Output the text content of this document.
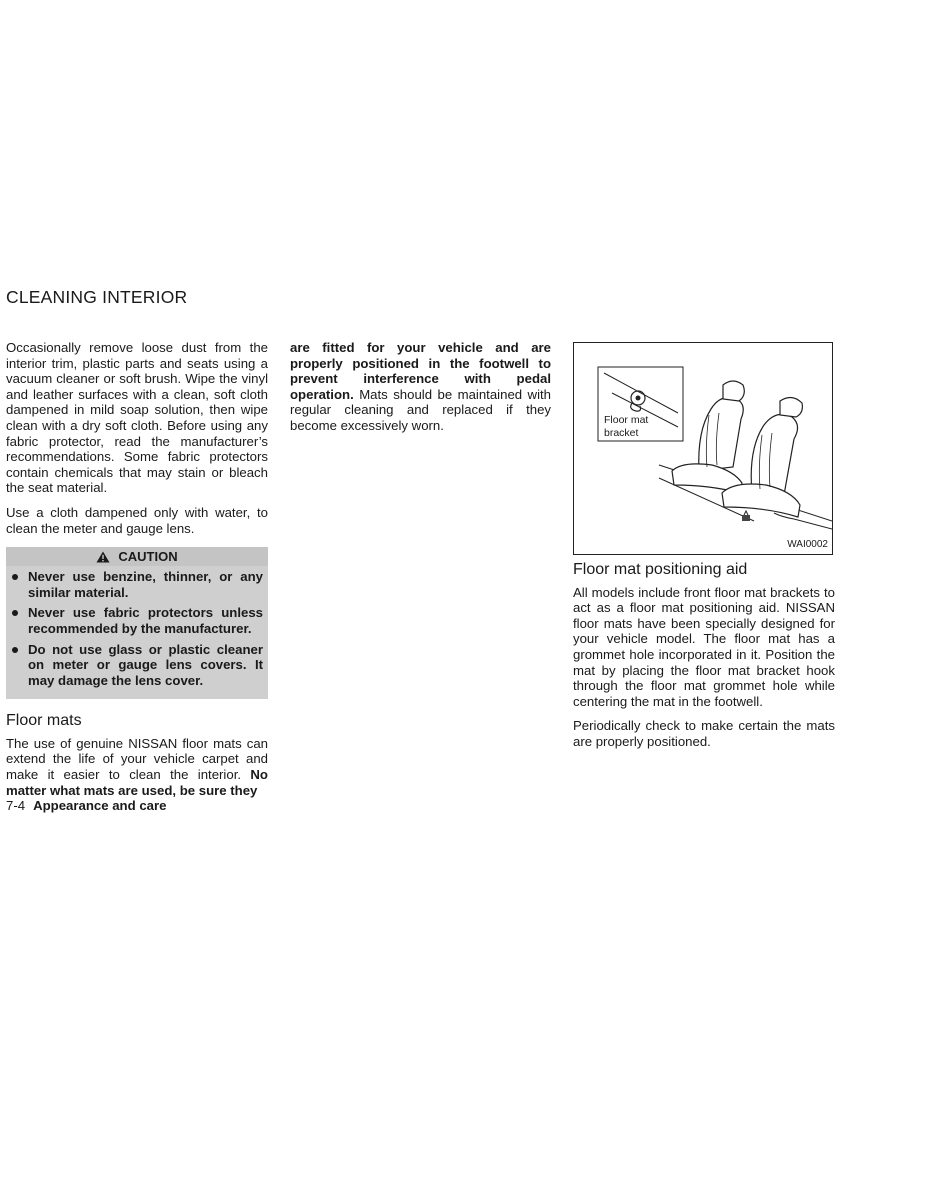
CLEANING INTERIOR

Occasionally remove loose dust from the interior trim, plastic parts and seats using a vacuum cleaner or soft brush. Wipe the vinyl and leather surfaces with a clean, soft cloth dampened in mild soap solution, then wipe clean with a dry soft cloth. Before using any fabric protector, read the manufacturer’s recommendations. Some fabric protectors contain chemicals that may stain or bleach the seat material.

Use a cloth dampened only with water, to clean the meter and gauge lens.

CAUTION
Never use benzine, thinner, or any similar material.
Never use fabric protectors unless recommended by the manufacturer.
Do not use glass or plastic cleaner on meter or gauge lens covers. It may damage the lens cover.
Floor mats

The use of genuine NISSAN floor mats can extend the life of your vehicle carpet and make it easier to clean the interior. No matter what mats are used, be sure they

are fitted for your vehicle and are properly positioned in the footwell to prevent interference with pedal operation. Mats should be maintained with regular cleaning and replaced if they become excessively worn.	Floor mat
bracket
WAI0002
Floor mat positioning aid

All models include front floor mat brackets to act as a floor mat positioning aid. NISSAN floor mats have been specially designed for your vehicle model. The floor mat has a grommet hole incorporated in it. Position the mat by placing the floor mat bracket hook through the floor mat grommet hole while centering the mat in the footwell.

Periodically check to make certain the mats are properly positioned.

7-4 Appearance and care
